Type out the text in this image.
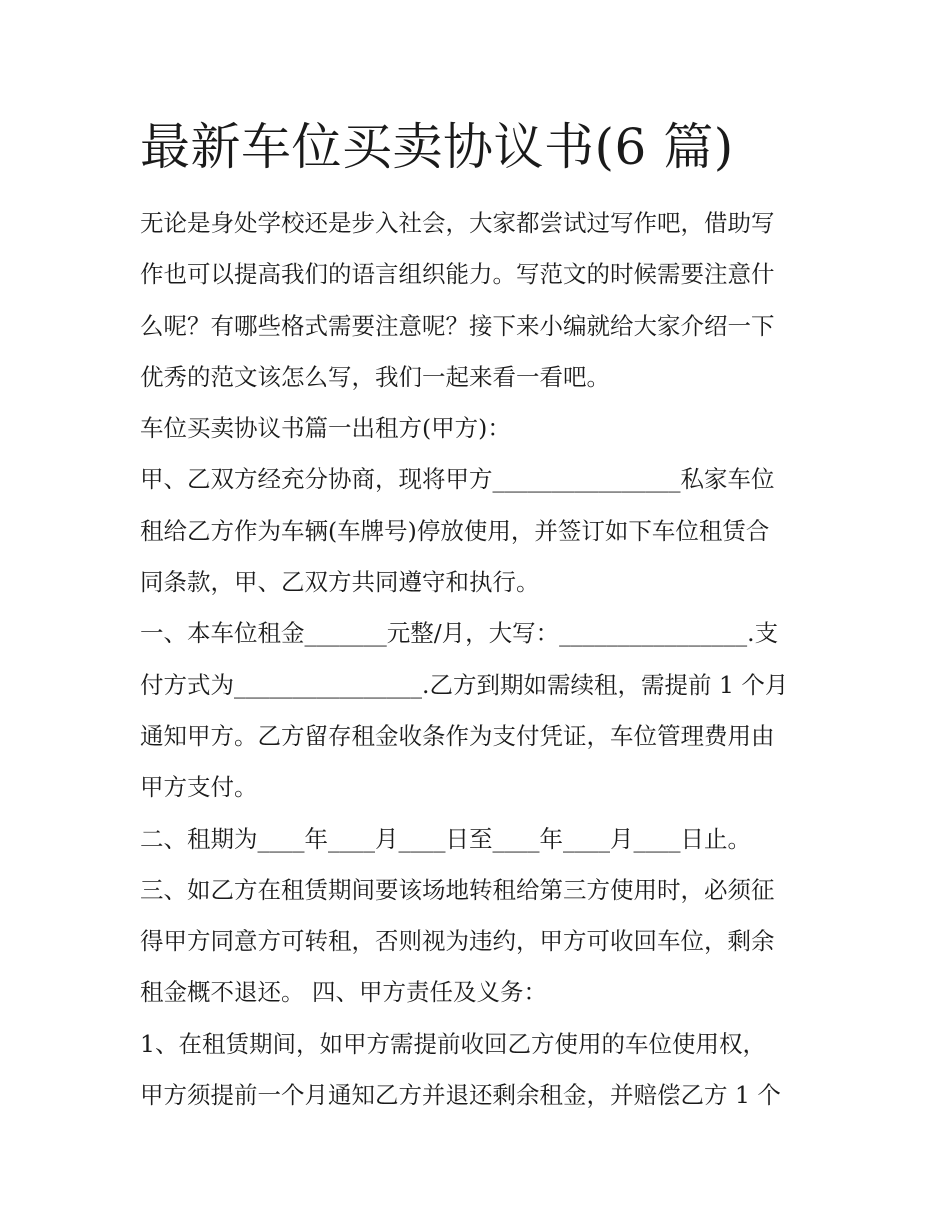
最新车位买卖协议书(6 篇)
无论是身处学校还是步入社会，大家都尝试过写作吧，借助写
作也可以提高我们的语言组织能力。写范文的时候需要注意什
么呢？有哪些格式需要注意呢？接下来小编就给大家介绍一下
优秀的范文该怎么写，我们一起来看一看吧。
车位买卖协议书篇一出租方(甲方)：
甲、乙双方经充分协商，现将甲方________________私家车位
租给乙方作为车辆(车牌号)停放使用，并签订如下车位租赁合
同条款，甲、乙双方共同遵守和执行。
一、本车位租金_______元整/月，大写：________________.支
付方式为________________.乙方到期如需续租，需提前 1 个月
通知甲方。乙方留存租金收条作为支付凭证，车位管理费用由
甲方支付。
二、租期为____年____月____日至____年____月____日止。
三、如乙方在租赁期间要该场地转租给第三方使用时，必须征
得甲方同意方可转租，否则视为违约，甲方可收回车位，剩余
租金概不退还。 四、甲方责任及义务：
1、在租赁期间，如甲方需提前收回乙方使用的车位使用权，
甲方须提前一个月通知乙方并退还剩余租金，并赔偿乙方 1 个
